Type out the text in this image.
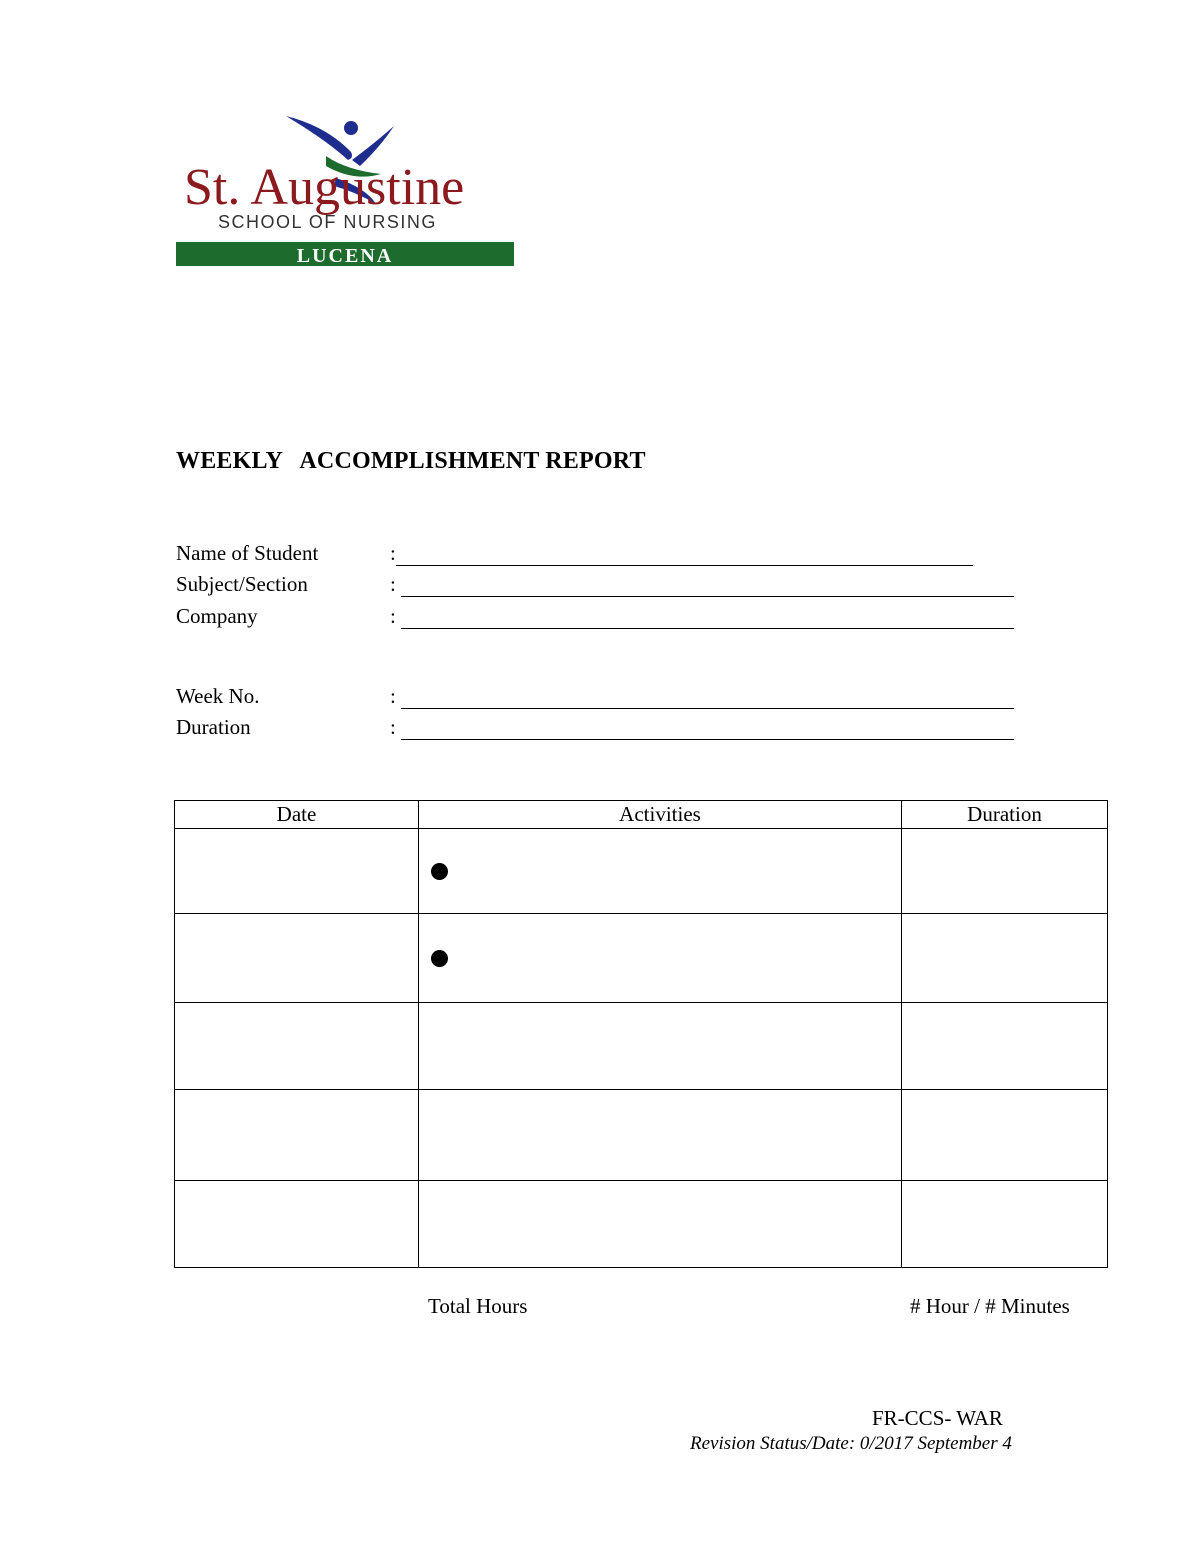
St. Augustine
SCHOOL OF NURSING
LUCENA
WEEKLY   ACCOMPLISHMENT REPORT
Name of Student	:
Subject/Section	:
Company	:
Week No.	:
Duration	:
Date	Activities	Duration

Total Hours	# Hour / # Minutes
FR-CCS- WAR
Revision Status/Date: 0/2017 September 4
